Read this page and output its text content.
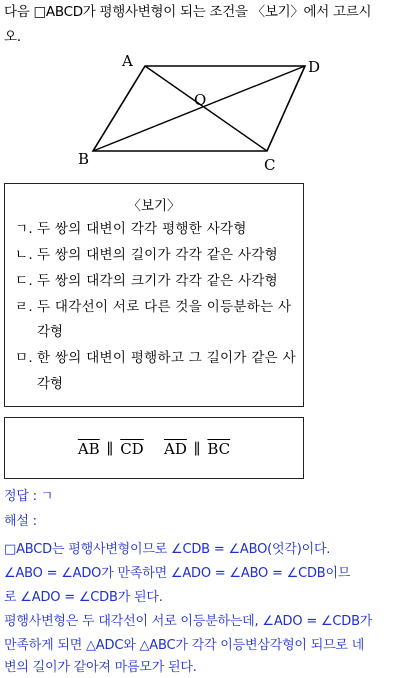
다음 □ABCD가 평행사변형이 되는 조건을 〈보기〉에서 고르시
오.
A	D
O
B	C
〈보기〉
ㄱ. 두 쌍의 대변이 각각 평행한 사각형
ㄴ. 두 쌍의 대변의 길이가 각각 같은 사각형
ㄷ. 두 쌍의 대각의 크기가 각각 같은 사각형
ㄹ. 두 대각선이 서로 다른 것을 이등분하는 사
각형
ㅁ. 한 쌍의 대변이 평행하고 그 길이가 같은 사
각형
$\overline{AB}$ ∥ $\overline{CD}$ $\overline{AD}$ ∥ $\overline{BC}$
정답 : ㄱ
해설 :
□ABCD는 평행사변형이므로 ∠CDB = ∠ABO(엇각)이다.
∠ABO = ∠ADO가 만족하면 ∠ADO = ∠ABO = ∠CDB이므
로 ∠ADO = ∠CDB가 된다.
평행사변형은 두 대각선이 서로 이등분하는데, ∠ADO = ∠CDB가
만족하게 되면 △ADC와 △ABC가 각각 이등변삼각형이 되므로 네
변의 길이가 같아져 마름모가 된다.
